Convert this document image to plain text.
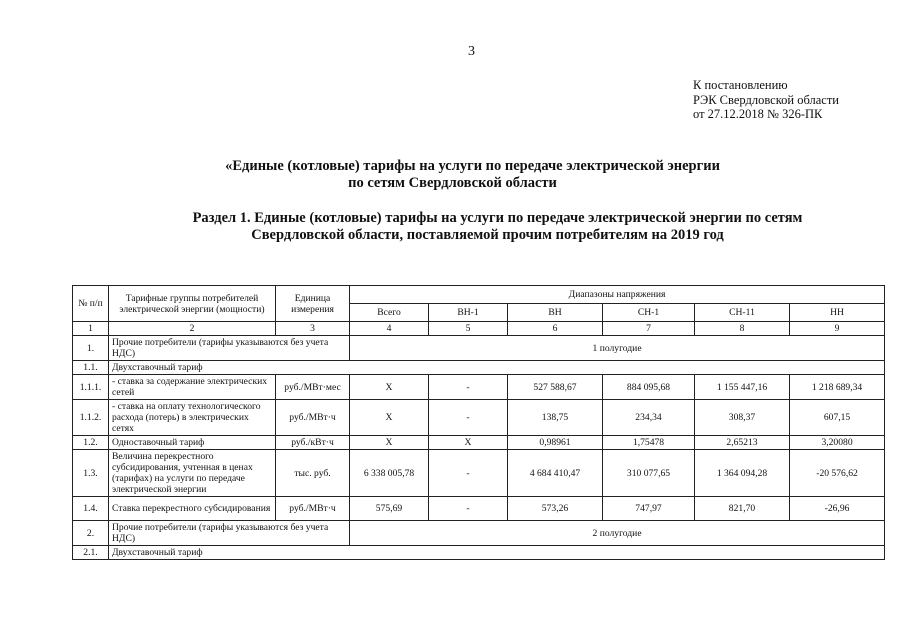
3
К постановлению
РЭК Свердловской области
от 27.12.2018 № 326-ПК
«Единые (котловые) тарифы на услуги по передаче электрической энергии
по сетям Свердловской области
Раздел 1. Единые (котловые) тарифы на услуги по передаче электрической энергии по сетям
Свердловской области, поставляемой прочим потребителям на 2019 год
№ п/п	Тарифные группы потребителей электрической энергии (мощности)	Единица измерения	Диапазоны напряжения					
			Всего	ВН-1	ВН	СН-1	СН-11	НН
1	2	3	4	5	6	7	8	9
1.	Прочие потребители (тарифы указываются без учета НДС)		1 полугодие					
1.1.	Двухставочный тариф							
1.1.1.	- ставка за содержание электрических сетей	руб./МВт·мес	X	-	527 588,67	884 095,68	1 155 447,16	1 218 689,34
1.1.2.	- ставка на оплату технологического расхода (потерь) в электрических сетях	руб./МВт·ч	X	-	138,75	234,34	308,37	607,15
1.2.	Одноставочный тариф	руб./кВт·ч	X	X	0,98961	1,75478	2,65213	3,20080
1.3.	Величина перекрестного субсидирования, учтенная в ценах (тарифах) на услуги по передаче электрической энергии	тыс. руб.	6 338 005,78	-	4 684 410,47	310 077,65	1 364 094,28	-20 576,62
1.4.	Ставка перекрестного субсидирования	руб./МВт·ч	575,69	-	573,26	747,97	821,70	-26,96
2.	Прочие потребители (тарифы указываются без учета НДС)		2 полугодие					
2.1.	Двухставочный тариф							
